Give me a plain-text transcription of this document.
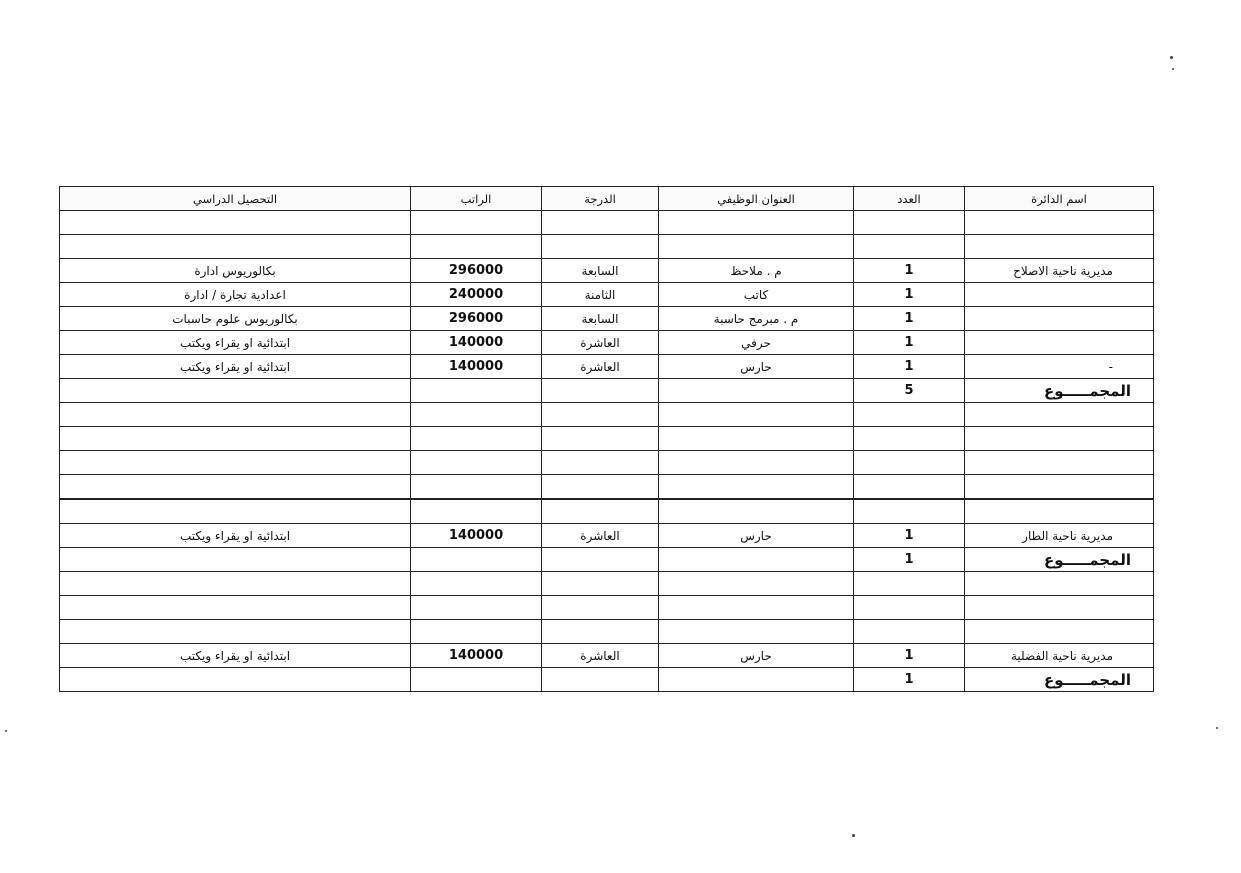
التحصيل الدراسي	الراتب	الدرجة	العنوان الوظيفي	العدد	اسم الدائرة

بكالوريوس ادارة	296000	السابعة	م . ملاحظ	1	مديرية ناحية الاصلاح
اعدادية تجارة / ادارة	240000	الثامنة	كاتب	1	
بكالوريوس علوم حاسبات	296000	السابعة	م . مبرمج حاسبة	1	
ابتدائية او يقراء ويكتب	140000	العاشرة	حرفي	1	
ابتدائية او يقراء ويكتب	140000	العاشرة	حارس	1	-
				5	المجمـــــوع

ابتدائية او يقراء ويكتب	140000	العاشرة	حارس	1	مديرية ناحية الطار
				1	المجمـــــوع

ابتدائية او يقراء ويكتب	140000	العاشرة	حارس	1	مديرية ناحية الفضلية
				1	المجمـــــوع
